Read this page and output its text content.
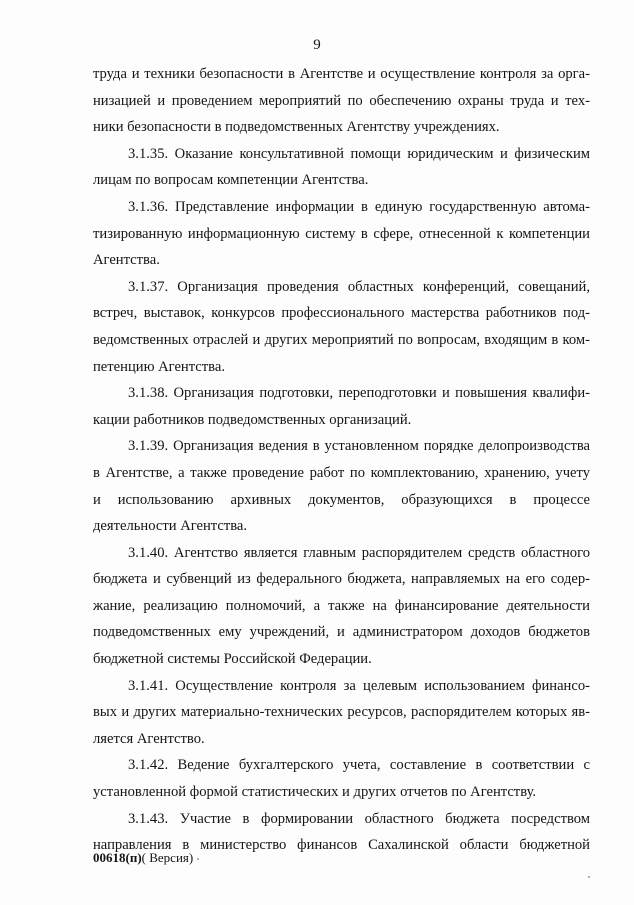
9
труда и техники безопасности в Агентстве и осуществление контроля за орга-
низацией и проведением мероприятий по обеспечению охраны труда и тех-
ники безопасности в подведомственных Агентству учреждениях.
3.1.35. Оказание консультативной помощи юридическим и физическим
лицам по вопросам компетенции Агентства.
3.1.36. Представление информации в единую государственную автома-
тизированную информационную систему в сфере, отнесенной к компетенции
Агентства.
3.1.37. Организация проведения областных конференций, совещаний,
встреч, выставок, конкурсов профессионального мастерства работников под-
ведомственных отраслей и других мероприятий по вопросам, входящим в ком-
петенцию Агентства.
3.1.38. Организация подготовки, переподготовки и повышения квалифи-
кации работников подведомственных организаций.
3.1.39. Организация ведения в установленном порядке делопроизводства
в Агентстве, а также проведение работ по комплектованию, хранению, учету
и использованию архивных документов, образующихся в процессе
деятельности Агентства.
3.1.40. Агентство является главным распорядителем средств областного
бюджета и субвенций из федерального бюджета, направляемых на его содер-
жание, реализацию полномочий, а также на финансирование деятельности
подведомственных ему учреждений, и администратором доходов бюджетов
бюджетной системы Российской Федерации.
3.1.41. Осуществление контроля за целевым использованием финансо-
вых и других материально-технических ресурсов, распорядителем которых яв-
ляется Агентство.
3.1.42. Ведение бухгалтерского учета, составление в соответствии с
установленной формой статистических и других отчетов по Агентству.
3.1.43. Участие в формировании областного бюджета посредством
направления в министерство финансов Сахалинской области бюджетной
00618(п)( Версия)
